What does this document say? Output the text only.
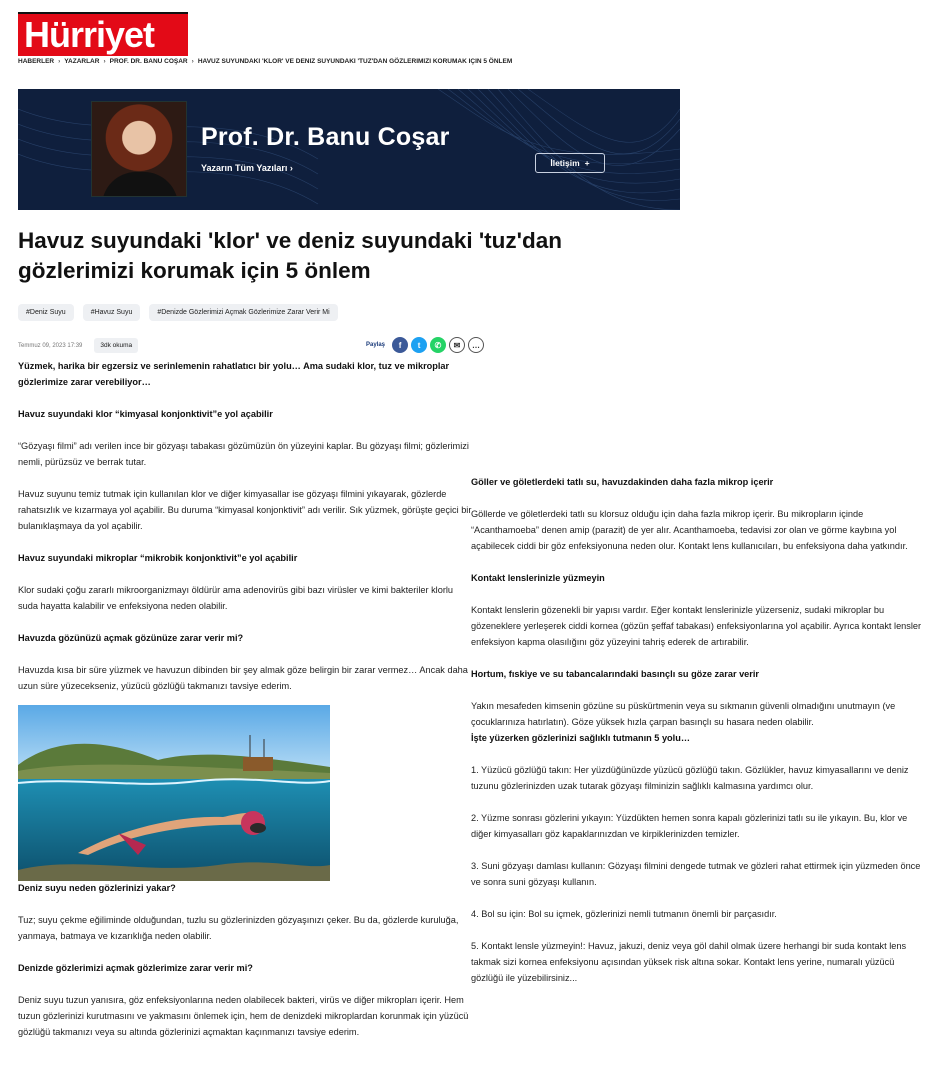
Hürriyet
HABERLER › YAZARLAR › PROF. DR. BANU COŞAR › HAVUZ SUYUNDAKI 'KLOR' VE DENIZ SUYUNDAKI 'TUZ'DAN GÖZLERIMIZI KORUMAK IÇIN 5 ÖNLEM
Prof. Dr. Banu Coşar
Yazarın Tüm Yazıları ›	İletişim +
Havuz suyundaki 'klor' ve deniz suyundaki 'tuz'dan gözlerimizi korumak için 5 önlem
#Deniz Suyu	#Havuz Suyu	#Denizde Gözlerimizi Açmak Gözlerimize Zarar Verir Mi
Temmuz 09, 2023 17:39	3dk okuma	Paylaş	f	t	✆	✉	…

Yüzmek, harika bir egzersiz ve serinlemenin rahatlatıcı bir yolu… Ama sudaki klor, tuz ve mikroplar gözlerimize zarar verebiliyor…

Havuz suyundaki klor “kimyasal konjonktivit”e yol açabilir

“Gözyaşı filmi” adı verilen ince bir gözyaşı tabakası gözümüzün ön yüzeyini kaplar. Bu gözyaşı filmi; gözlerimizi nemli, pürüzsüz ve berrak tutar.

Havuz suyunu temiz tutmak için kullanılan klor ve diğer kimyasallar ise gözyaşı filmini yıkayarak, gözlerde rahatsızlık ve kızarmaya yol açabilir. Bu duruma “kimyasal konjonktivit” adı verilir. Sık yüzmek, görüşte geçici bir bulanıklaşmaya da yol açabilir.

Havuz suyundaki mikroplar “mikrobik konjonktivit”e yol açabilir

Klor sudaki çoğu zararlı mikroorganizmayı öldürür ama adenovirüs gibi bazı virüsler ve kimi bakteriler klorlu suda hayatta kalabilir ve enfeksiyona neden olabilir.

Havuzda gözünüzü açmak gözünüze zarar verir mi?

Havuzda kısa bir süre yüzmek ve havuzun dibinden bir şey almak göze belirgin bir zarar vermez… Ancak daha uzun süre yüzecekseniz, yüzücü gözlüğü takmanızı tavsiye ederim.

Deniz suyu neden gözlerinizi yakar?

Tuz; suyu çekme eğiliminde olduğundan, tuzlu su gözlerinizden gözyaşınızı çeker. Bu da, gözlerde kuruluğa, yanmaya, batmaya ve kızarıklığa neden olabilir.

Denizde gözlerimizi açmak gözlerimize zarar verir mi?

Deniz suyu tuzun yanısıra, göz enfeksiyonlarına neden olabilecek bakteri, virüs ve diğer mikropları içerir. Hem tuzun gözlerinizi kurutmasını ve yakmasını önlemek için, hem de denizdeki mikroplardan korunmak için yüzücü gözlüğü takmanızı veya su altında gözlerinizi açmaktan kaçınmanızı tavsiye ederim.

Göller ve göletlerdeki tatlı su, havuzdakinden daha fazla mikrop içerir

Göllerde ve göletlerdeki tatlı su klorsuz olduğu için daha fazla mikrop içerir. Bu mikropların içinde “Acanthamoeba” denen amip (parazit) de yer alır. Acanthamoeba, tedavisi zor olan ve görme kaybına yol açabilecek ciddi bir göz enfeksiyonuna neden olur. Kontakt lens kullanıcıları, bu enfeksiyona daha yatkındır.

Kontakt lenslerinizle yüzmeyin

Kontakt lenslerin gözenekli bir yapısı vardır. Eğer kontakt lenslerinizle yüzerseniz, sudaki mikroplar bu gözeneklere yerleşerek ciddi kornea (gözün şeffaf tabakası) enfeksiyonlarına yol açabilir. Ayrıca kontakt lensler enfeksiyon kapma olasılığını göz yüzeyini tahriş ederek de artırabilir.

Hortum, fıskiye ve su tabancalarındaki basınçlı su göze zarar verir

Yakın mesafeden kimsenin gözüne su püskürtmenin veya su sıkmanın güvenli olmadığını unutmayın (ve çocuklarınıza hatırlatın). Göze yüksek hızla çarpan basınçlı su hasara neden olabilir.

İşte yüzerken gözlerinizi sağlıklı tutmanın 5 yolu…

1. Yüzücü gözlüğü takın: Her yüzdüğünüzde yüzücü gözlüğü takın. Gözlükler, havuz kimyasallarını ve deniz tuzunu gözlerinizden uzak tutarak gözyaşı filminizin sağlıklı kalmasına yardımcı olur.

2. Yüzme sonrası gözlerini yıkayın: Yüzdükten hemen sonra kapalı gözlerinizi tatlı su ile yıkayın. Bu, klor ve diğer kimyasalları göz kapaklarınızdan ve kirpiklerinizden temizler.

3. Suni gözyaşı damlası kullanın: Gözyaşı filmini dengede tutmak ve gözleri rahat ettirmek için yüzmeden önce ve sonra suni gözyaşı kullanın.

4. Bol su için: Bol su içmek, gözlerinizi nemli tutmanın önemli bir parçasıdır.

5. Kontakt lensle yüzmeyin!: Havuz, jakuzi, deniz veya göl dahil olmak üzere herhangi bir suda kontakt lens takmak sizi kornea enfeksiyonu açısından yüksek risk altına sokar. Kontakt lens yerine, numaralı yüzücü gözlüğü ile yüzebilirsiniz...
